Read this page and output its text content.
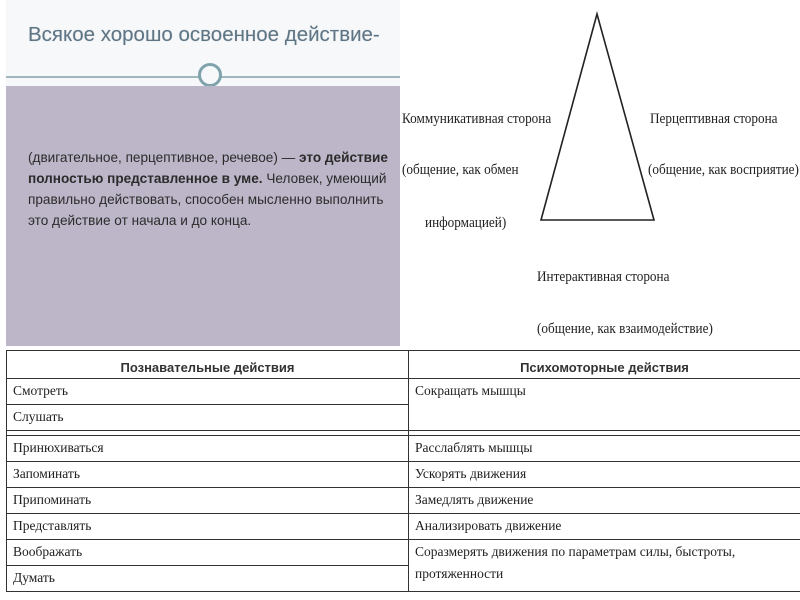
Всякое хорошо освоенное действие-
(двигательное, перцептивное, речевое) — это действие полностью представленное в уме. Человек, умеющий правильно действовать, способен мысленно выполнить это действие от начала и до конца.
Коммуникативная сторона
(общение, как обмен
информацией)
Перцептивная сторона
(общение, как восприятие)
Интерактивная сторона
(общение, как взаимодействие)
Познавательные действия	Психомоторные действия
Смотреть	Сокращать мышцы
Слушать	

Принюхиваться	Расслаблять мышцы
Запоминать	Ускорять движения
Припоминать	Замедлять движение
Представлять	Анализировать движение
Воображать	Соразмерять движения по параметрам силы, быстроты, протяженности
Думать	
